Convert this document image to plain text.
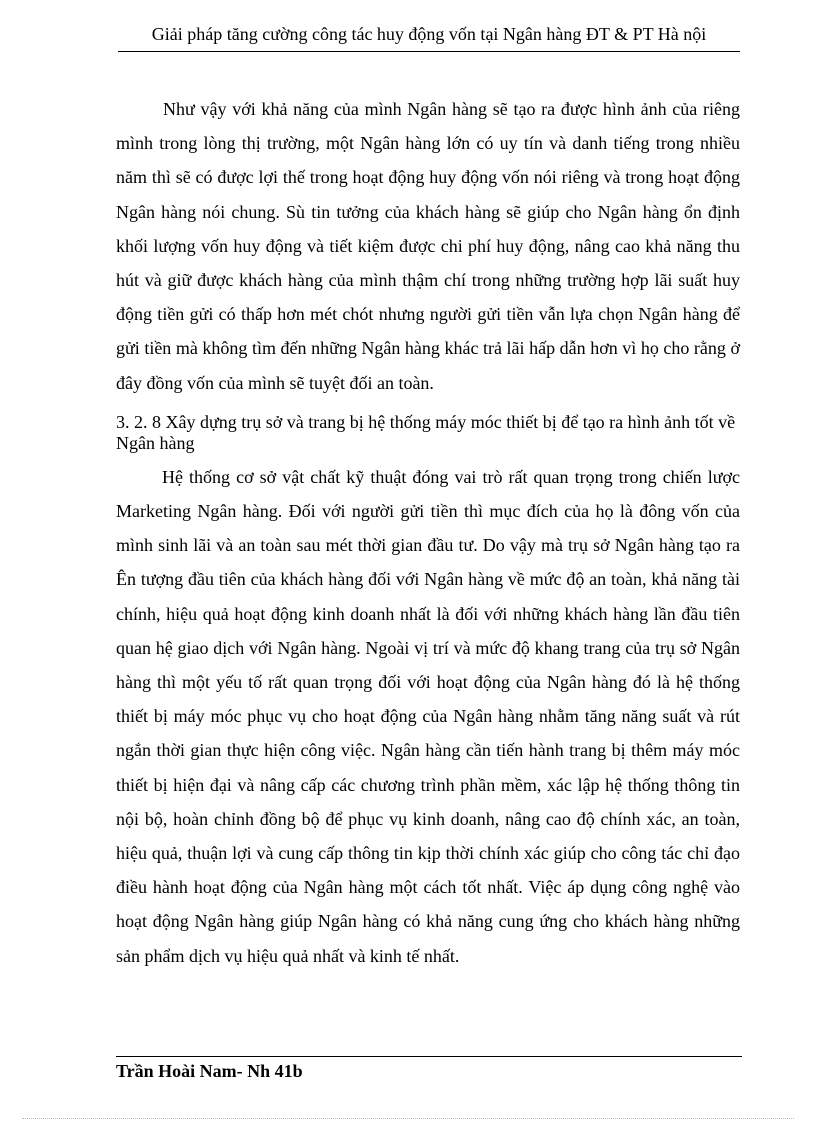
Giải pháp tăng cường công tác huy động vốn tại Ngân hàng ĐT & PT Hà nội

Như vậy với khả năng của mình Ngân hàng sẽ tạo ra được hình ảnh của riêng mình trong lòng thị trường, một Ngân hàng lớn có uy tín và danh tiếng trong nhiều năm thì sẽ có được lợi thế trong hoạt động huy động vốn nói riêng và trong hoạt động Ngân hàng nói chung. Sù tin tưởng của khách hàng sẽ giúp cho Ngân hàng ổn định khối lượng vốn huy động và tiết kiệm được chi phí huy động, nâng cao khả năng thu hút và giữ được khách hàng của mình thậm chí trong những trường hợp lãi suất huy động tiền gửi có thấp hơn mét chót nhưng người gửi tiền vẫn lựa chọn Ngân hàng để gửi tiền mà không tìm đến những Ngân hàng khác trả lãi hấp dẫn hơn vì họ cho rằng ở đây đồng vốn của mình sẽ tuyệt đối an toàn.

3. 2. 8 Xây dựng trụ sở và trang bị hệ thống máy móc thiết bị để tạo ra hình ảnh tốt về Ngân hàng

Hệ thống cơ sở vật chất kỹ thuật đóng vai trò rất quan trọng trong chiến lược Marketing Ngân hàng. Đối với người gửi tiền thì mục đích của họ là đông vốn của mình sinh lãi và an toàn sau mét thời gian đầu tư. Do vậy mà trụ sở Ngân hàng tạo ra Ên tượng đầu tiên của khách hàng đối với Ngân hàng về mức độ an toàn, khả năng tài chính, hiệu quả hoạt động kinh doanh nhất là đối với những khách hàng lần đầu tiên quan hệ giao dịch với Ngân hàng. Ngoài vị trí và mức độ khang trang của trụ sở Ngân hàng thì một yếu tố rất quan trọng đối với hoạt động của Ngân hàng đó là hệ thống thiết bị máy móc phục vụ cho hoạt động của Ngân hàng nhằm tăng năng suất và rút ngắn thời gian thực hiện công việc. Ngân hàng cần tiến hành trang bị thêm máy móc thiết bị hiện đại và nâng cấp các chương trình phần mềm, xác lập hệ thống thông tin nội bộ, hoàn chỉnh đồng bộ để phục vụ kinh doanh, nâng cao độ chính xác, an toàn, hiệu quả, thuận lợi và cung cấp thông tin kịp thời chính xác giúp cho công tác chỉ đạo điều hành hoạt động của Ngân hàng một cách tốt nhất. Việc áp dụng công nghệ vào hoạt động Ngân hàng giúp Ngân hàng có khả năng cung ứng cho khách hàng những sản phẩm dịch vụ hiệu quả nhất và kinh tế nhất.

Trần Hoài Nam- Nh 41b
